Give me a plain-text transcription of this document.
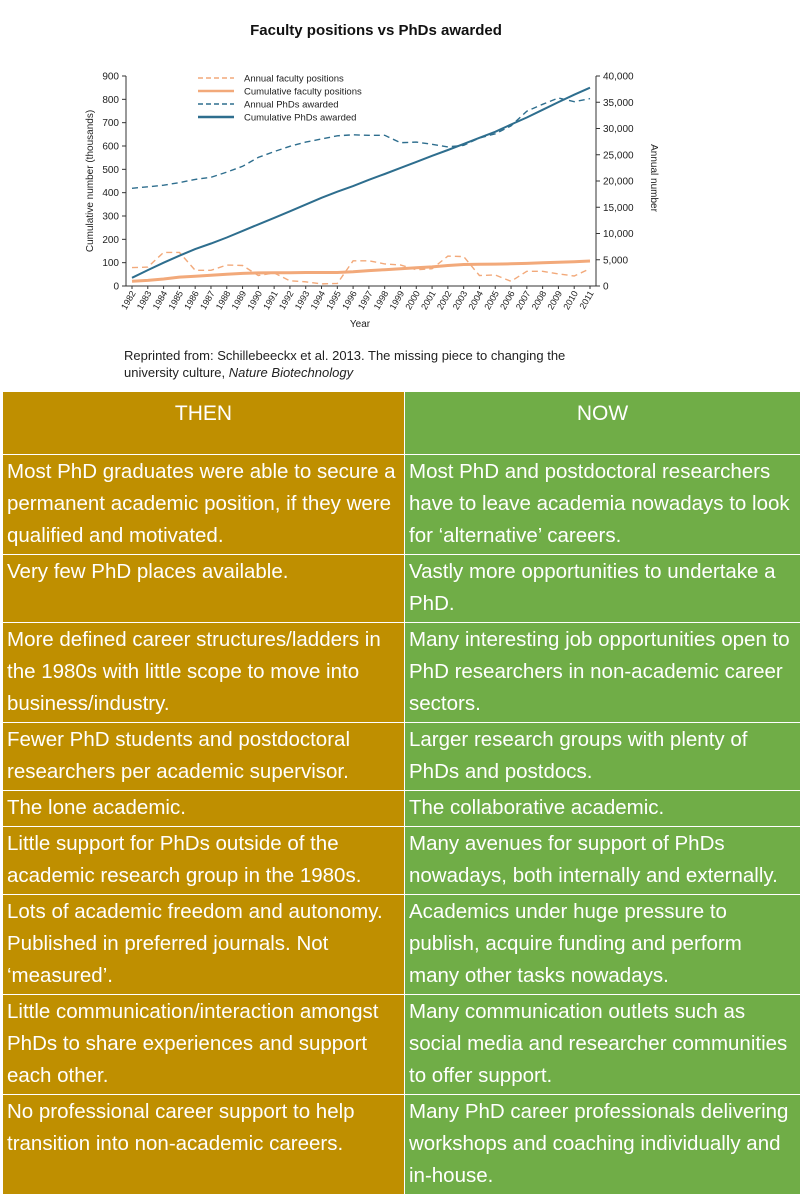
Faculty positions vs PhDs awarded
0
100
200
300
400
500
600
700
800
900
0
5,000
10,000
15,000
20,000
25,000
30,000
35,000
40,000
1982
1983
1984
1985
1986
1987
1988
1989
1990
1991
1992
1993
1994
1995
1996
1997
1998
1999
2000
2001
2002
2003
2004
2005
2006
2007
2008
2009
2010
2011
Year
Cumulative number (thousands)	Annual number
Annual faculty positions
Cumulative faculty positions
Annual PhDs awarded
Cumulative PhDs awarded
Reprinted from: Schillebeeckx et al. 2013. The missing piece to changing the
university culture, Nature Biotechnology
THEN	NOW
Most PhD graduates were able to secure a permanent academic position, if they were qualified and motivated.	Most PhD and postdoctoral researchers have to leave academia nowadays to look for ‘alternative’ careers.
Very few PhD places available.	Vastly more opportunities to undertake a PhD.
More defined career structures/ladders in the 1980s with little scope to move into business/industry.	Many interesting job opportunities open to PhD researchers in non-academic career sectors.
Fewer PhD students and postdoctoral researchers per academic supervisor.	Larger research groups with plenty of PhDs and postdocs.
The lone academic.	The collaborative academic.
Little support for PhDs outside of the academic research group in the 1980s.	Many avenues for support of PhDs nowadays, both internally and externally.
Lots of academic freedom and autonomy. Published in preferred journals. Not ‘measured’.	Academics under huge pressure to publish, acquire funding and perform many other tasks nowadays.
Little communication/interaction amongst PhDs to share experiences and support each other.	Many communication outlets such as social media and researcher communities to offer support.
No professional career support to help transition into non-academic careers.	Many PhD career professionals delivering workshops and coaching individually and in-house.
